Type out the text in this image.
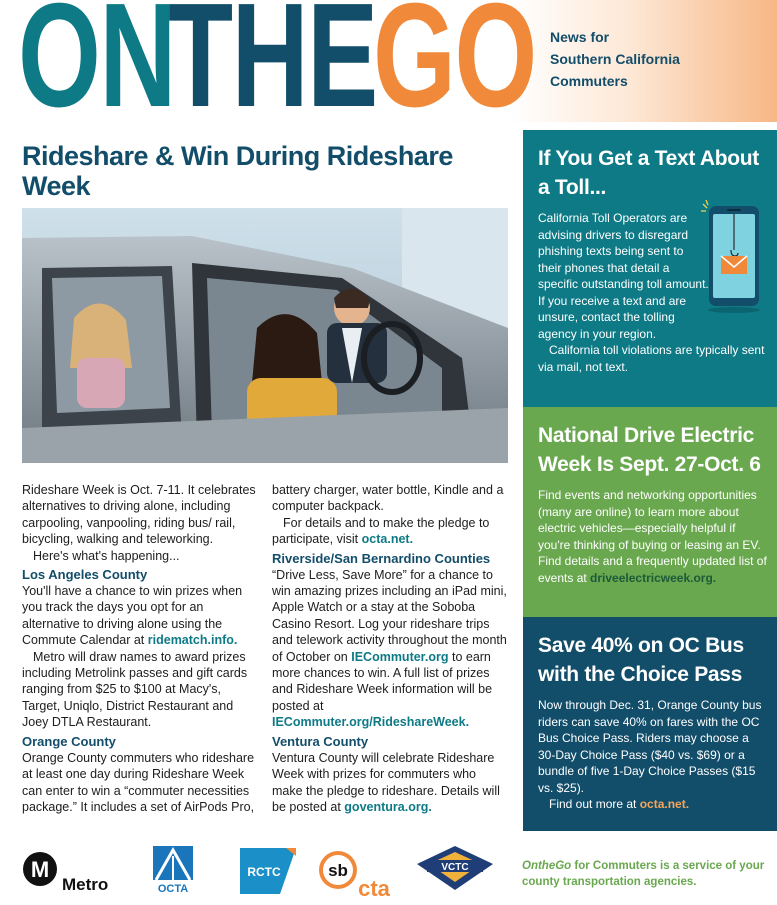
ON
THE
GO News for
Southern California
Commuters
Rideshare & Win During Rideshare Week

Rideshare Week is Oct. 7-11. It celebrates alternatives to driving alone, including carpooling, vanpooling, riding bus/ rail, bicycling, walking and teleworking.

Here's what's happening...

Los Angeles County

You'll have a chance to win prizes when you track the days you opt for an alternative to driving alone using the Commute Calendar at ridematch.info.

Metro will draw names to award prizes including Metrolink passes and gift cards ranging from $25 to $100 at Macy's, Target, Uniqlo, District Restaurant and Joey DTLA Restaurant.

Orange County

Orange County commuters who rideshare at least one day during Rideshare Week can enter to win a “commuter necessities package.” It includes a set of AirPods Pro,

battery charger, water bottle, Kindle and a computer backpack.

For details and to make the pledge to participate, visit octa.net.

Riverside/San Bernardino Counties

“Drive Less, Save More” for a chance to win amazing prizes including an iPad mini, Apple Watch or a stay at the Soboba Casino Resort. Log your rideshare trips and telework activity throughout the month of October on IECommuter.org to earn more chances to win. A full list of prizes and Rideshare Week information will be posted at IECommuter.org/RideshareWeek.

Ventura County

Ventura County will celebrate Rideshare Week with prizes for commuters who make the pledge to rideshare. Details will be posted at goventura.org.

If You Get a Text About a Toll...

California Toll Operators are advising drivers to disregard phishing texts being sent to their phones that detail a specific outstanding toll amount.

If you receive a text and are unsure, contact the tolling agency in your region.

California toll violations are typically sent via mail, not text.

National Drive Electric Week Is Sept. 27-Oct. 6

Find events and networking opportunities (many are online) to learn more about electric vehicles—especially helpful if you're thinking of buying or leasing an EV. Find details and a frequently updated list of events at driveelectricweek.org.

Save 40% on OC Bus with the Choice Pass

Now through Dec. 31, Orange County bus riders can save 40% on fares with the OC Bus Choice Pass. Riders may choose a 30-Day Choice Pass ($40 vs. $69) or a bundle of five 1-Day Choice Passes ($15 vs. $25).

Find out more at octa.net.

M
Metro	OCTA
RCTC	sb
cta
VCTC	OntheGo for Commuters is a service of your county transportation agencies.
